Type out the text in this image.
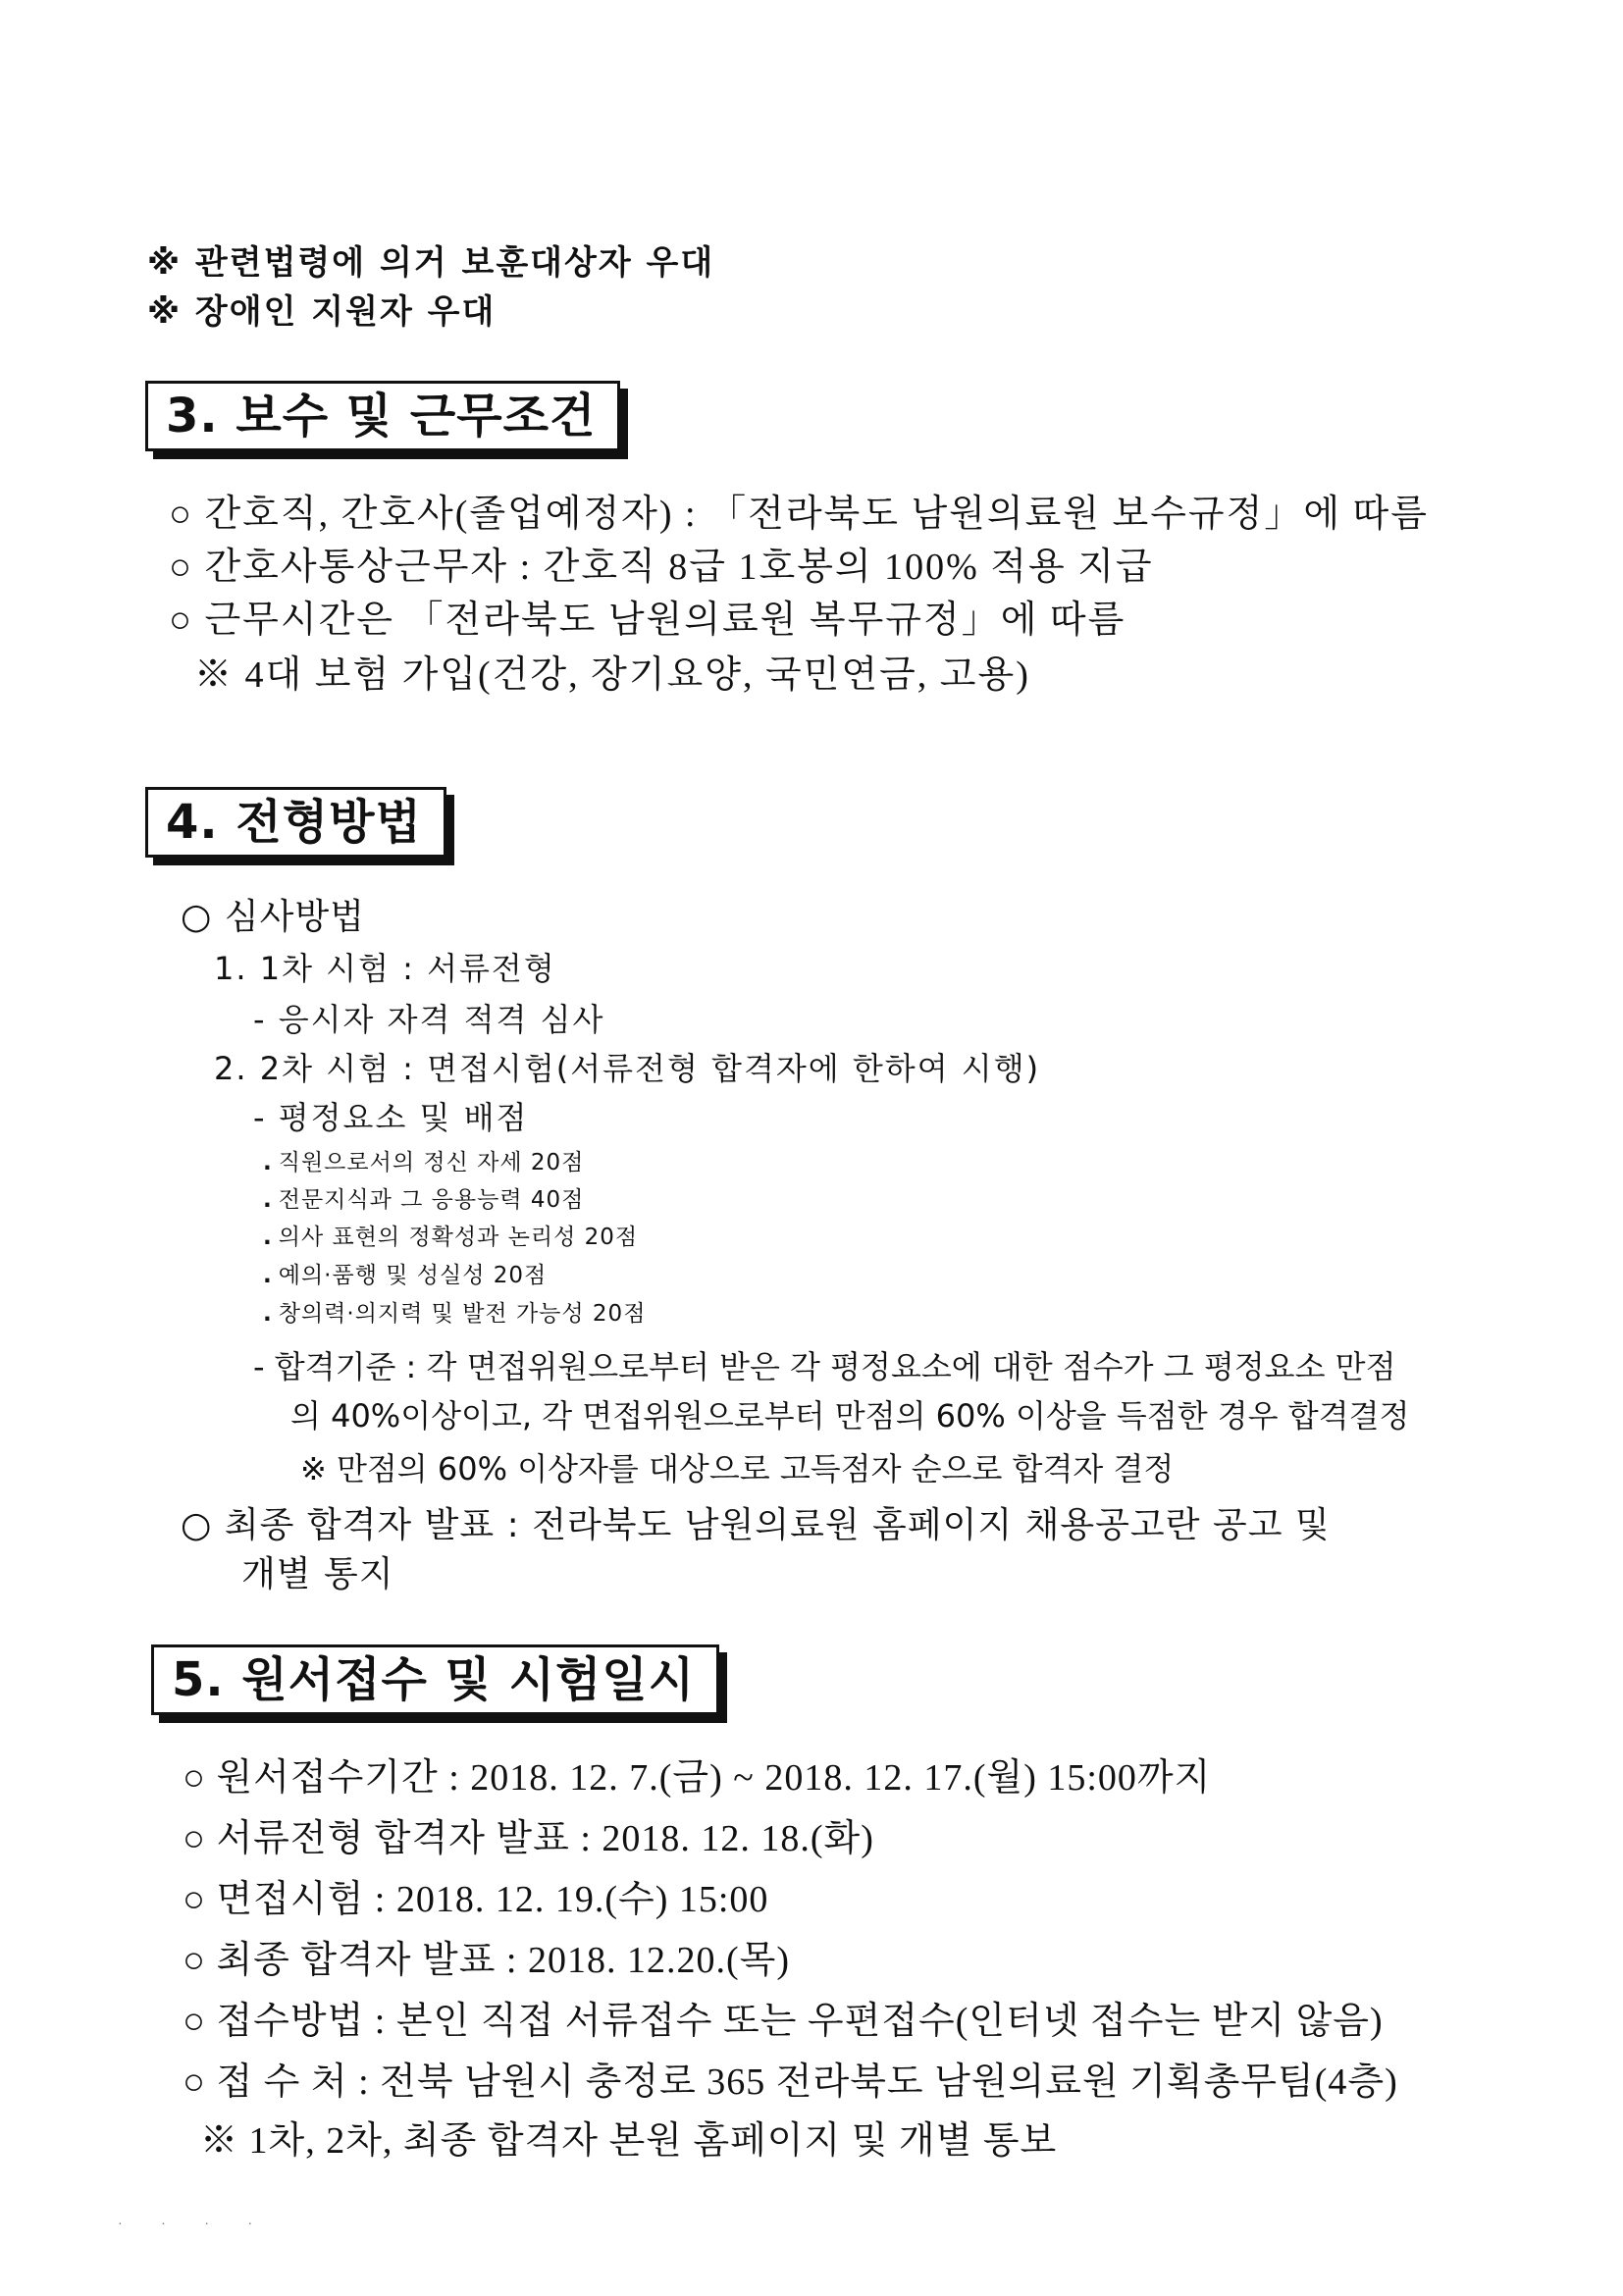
※ 관련법령에 의거 보훈대상자 우대
※ 장애인 지원자 우대
3. 보수 및 근무조건
○ 간호직, 간호사(졸업예정자) : 「전라북도 남원의료원 보수규정」에 따름
○ 간호사통상근무자 : 간호직 8급 1호봉의 100% 적용 지급
○ 근무시간은 「전라북도 남원의료원 복무규정」에 따름
※ 4대 보험 가입(건강, 장기요양, 국민연금, 고용)
4. 전형방법
○ 심사방법
1. 1차 시험 : 서류전형
- 응시자 자격 적격 심사
2. 2차 시험 : 면접시험(서류전형 합격자에 한하여 시행)
- 평정요소 및 배점
. 직원으로서의 정신 자세 20점
. 전문지식과 그 응용능력 40점
. 의사 표현의 정확성과 논리성 20점
. 예의·품행 및 성실성 20점
. 창의력·의지력 및 발전 가능성 20점
- 합격기준 : 각 면접위원으로부터 받은 각 평정요소에 대한 점수가 그 평정요소 만점
의 40%이상이고, 각 면접위원으로부터 만점의 60% 이상을 득점한 경우 합격결정
※ 만점의 60% 이상자를 대상으로 고득점자 순으로 합격자 결정
○ 최종 합격자 발표 : 전라북도 남원의료원 홈페이지 채용공고란 공고 및
개별 통지
5. 원서접수 및 시험일시
○ 원서접수기간 : 2018. 12. 7.(금) ~ 2018. 12. 17.(월) 15:00까지
○ 서류전형 합격자 발표 : 2018. 12. 18.(화)
○ 면접시험 : 2018. 12. 19.(수) 15:00
○ 최종 합격자 발표 : 2018. 12.20.(목)
○ 접수방법 : 본인 직접 서류접수 또는 우편접수(인터넷 접수는 받지 않음)
○ 접 수 처 : 전북 남원시 충정로 365 전라북도 남원의료원 기획총무팀(4층)
※ 1차, 2차, 최종 합격자 본원 홈페이지 및 개별 통보
· · · ·
